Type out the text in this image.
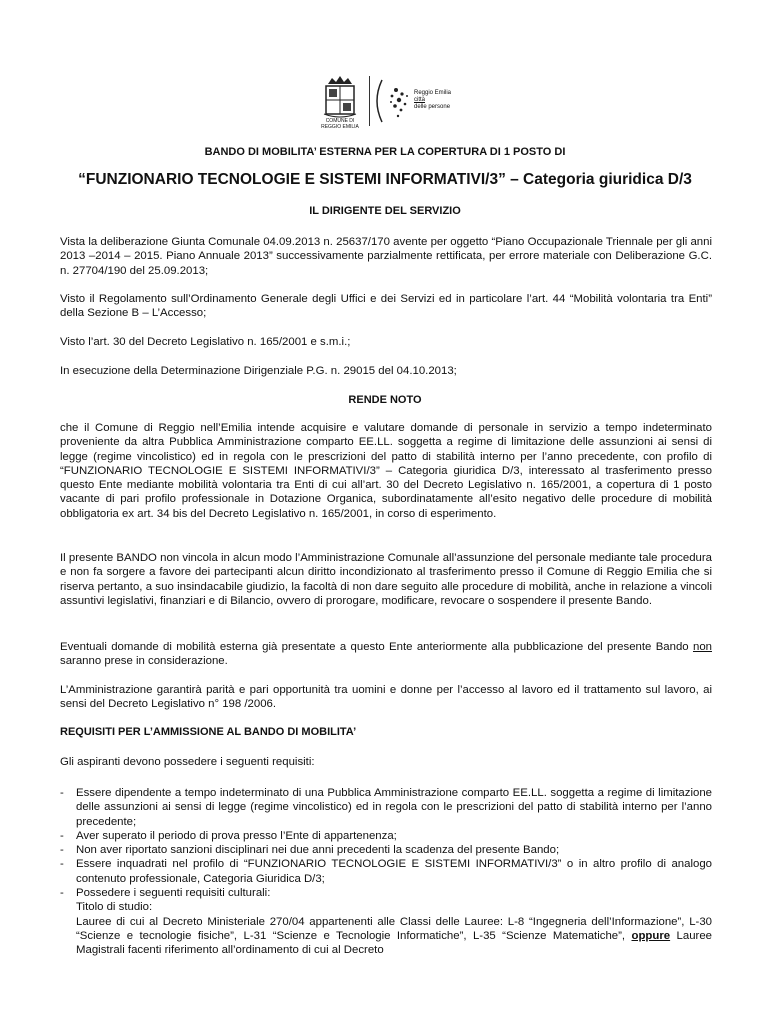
COMUNE DI REGGIO EMILIA
Reggio Emilia
città
delle persone
BANDO DI MOBILITA’ ESTERNA PER LA COPERTURA DI 1 POSTO DI
“FUNZIONARIO TECNOLOGIE E SISTEMI INFORMATIVI/3” – Categoria giuridica D/3
IL DIRIGENTE DEL SERVIZIO
Vista la deliberazione Giunta Comunale 04.09.2013 n. 25637/170 avente per oggetto “Piano Occupazionale Triennale per gli anni 2013 –2014 – 2015. Piano Annuale 2013” successivamente parzialmente rettificata, per errore materiale con Deliberazione G.C. n. 27704/190 del 25.09.2013;
Visto il Regolamento sull’Ordinamento Generale degli Uffici e dei Servizi ed in particolare l’art. 44 “Mobilità volontaria tra Enti” della Sezione B – L’Accesso;
Visto l’art. 30 del Decreto Legislativo n. 165/2001 e s.m.i.;
In esecuzione della Determinazione Dirigenziale P.G. n. 29015 del 04.10.2013;
RENDE NOTO
che il Comune di Reggio nell’Emilia intende acquisire e valutare domande di personale in servizio a tempo indeterminato proveniente da altra Pubblica Amministrazione comparto EE.LL. soggetta a regime di limitazione delle assunzioni ai sensi di legge (regime vincolistico) ed in regola con le prescrizioni del patto di stabilità interno per l’anno precedente, con profilo di “FUNZIONARIO TECNOLOGIE E SISTEMI INFORMATIVI/3” – Categoria giuridica D/3, interessato al trasferimento presso questo Ente mediante mobilità volontaria tra Enti di cui all’art. 30 del Decreto Legislativo n. 165/2001, a copertura di 1 posto vacante di pari profilo professionale in Dotazione Organica, subordinatamente all’esito negativo delle procedure di mobilità obbligatoria ex art. 34 bis del Decreto Legislativo n. 165/2001, in corso di esperimento.
Il presente BANDO non vincola in alcun modo l’Amministrazione Comunale all’assunzione del personale mediante tale procedura e non fa sorgere a favore dei partecipanti alcun diritto incondizionato al trasferimento presso il Comune di Reggio Emilia che si riserva pertanto, a suo insindacabile giudizio, la facoltà di non dare seguito alle procedure di mobilità, anche in relazione a vincoli assuntivi legislativi, finanziari e di Bilancio, ovvero di prorogare, modificare, revocare o sospendere il presente Bando.
Eventuali domande di mobilità esterna già presentate a questo Ente anteriormente alla pubblicazione del presente Bando non saranno prese in considerazione.
L’Amministrazione garantirà parità e pari opportunità tra uomini e donne per l’accesso al lavoro ed il trattamento sul lavoro, ai sensi del Decreto Legislativo n° 198 /2006.
REQUISITI PER L’AMMISSIONE AL BANDO DI MOBILITA’
Gli aspiranti devono possedere i seguenti requisiti:
- Essere dipendente a tempo indeterminato di una Pubblica Amministrazione comparto EE.LL. soggetta a regime di limitazione delle assunzioni ai sensi di legge (regime vincolistico) ed in regola con le prescrizioni del patto di stabilità interno per l’anno precedente;
- Aver superato il periodo di prova presso l’Ente di appartenenza;
- Non aver riportato sanzioni disciplinari nei due anni precedenti la scadenza del presente Bando;
- Essere inquadrati nel profilo di “FUNZIONARIO TECNOLOGIE E SISTEMI INFORMATIVI/3” o in altro profilo di analogo contenuto professionale, Categoria Giuridica D/3;
- Possedere i seguenti requisiti culturali:
Titolo di studio:
Lauree di cui al Decreto Ministeriale 270/04 appartenenti alle Classi delle Lauree: L-8 “Ingegneria dell’Informazione”, L-30 “Scienze e tecnologie fisiche”, L-31 “Scienze e Tecnologie Informatiche”, L-35 “Scienze Matematiche”, oppure Lauree Magistrali facenti riferimento all’ordinamento di cui al Decreto
